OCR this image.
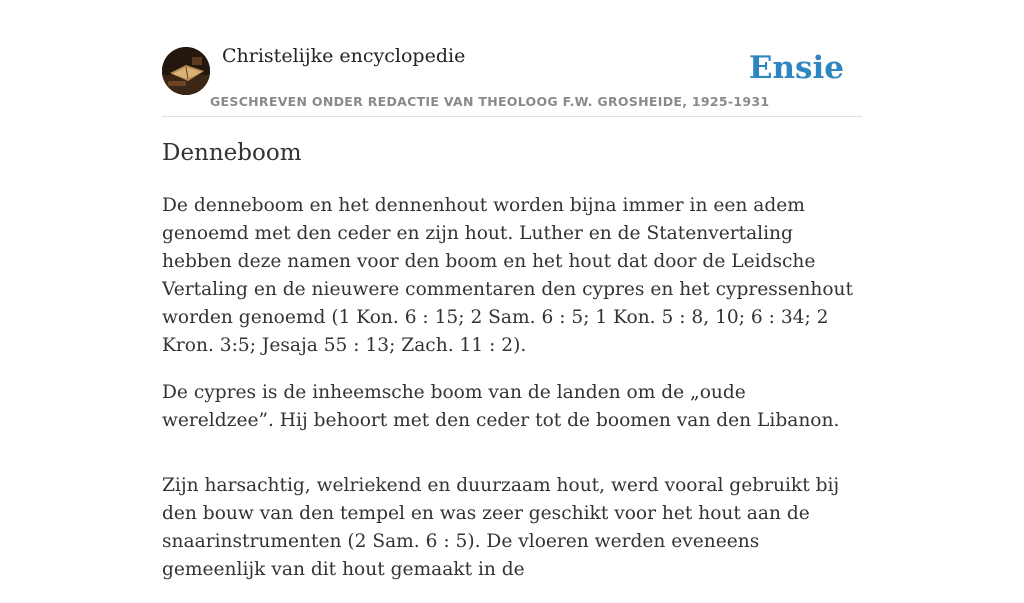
Christelijke encyclopedie
GESCHREVEN ONDER REDACTIE VAN THEOLOOG F.W. GROSHEIDE, 1925-1931
Ensie
Denneboom

De denneboom en het dennenhout worden bijna immer in een adem genoemd met den ceder en zijn hout. Luther en de Statenvertaling hebben deze namen voor den boom en het hout dat door de Leidsche Vertaling en de nieuwere commentaren den cypres en het cypressenhout worden genoemd (1 Kon. 6 : 15; 2 Sam. 6 : 5; 1 Kon. 5 : 8, 10; 6 : 34; 2 Kron. 3:5; Jesaja 55 : 13; Zach. 11 : 2).

De cypres is de inheemsche boom van de landen om de „oude wereldzee”. Hij behoort met den ceder tot de boomen van den Libanon.

Zijn harsachtig, welriekend en duurzaam hout, werd vooral gebruikt bij den bouw van den tempel en was zeer geschikt voor het hout aan de snaarinstrumenten (2 Sam. 6 : 5). De vloeren werden eveneens gemeenlijk van dit hout gemaakt in de
